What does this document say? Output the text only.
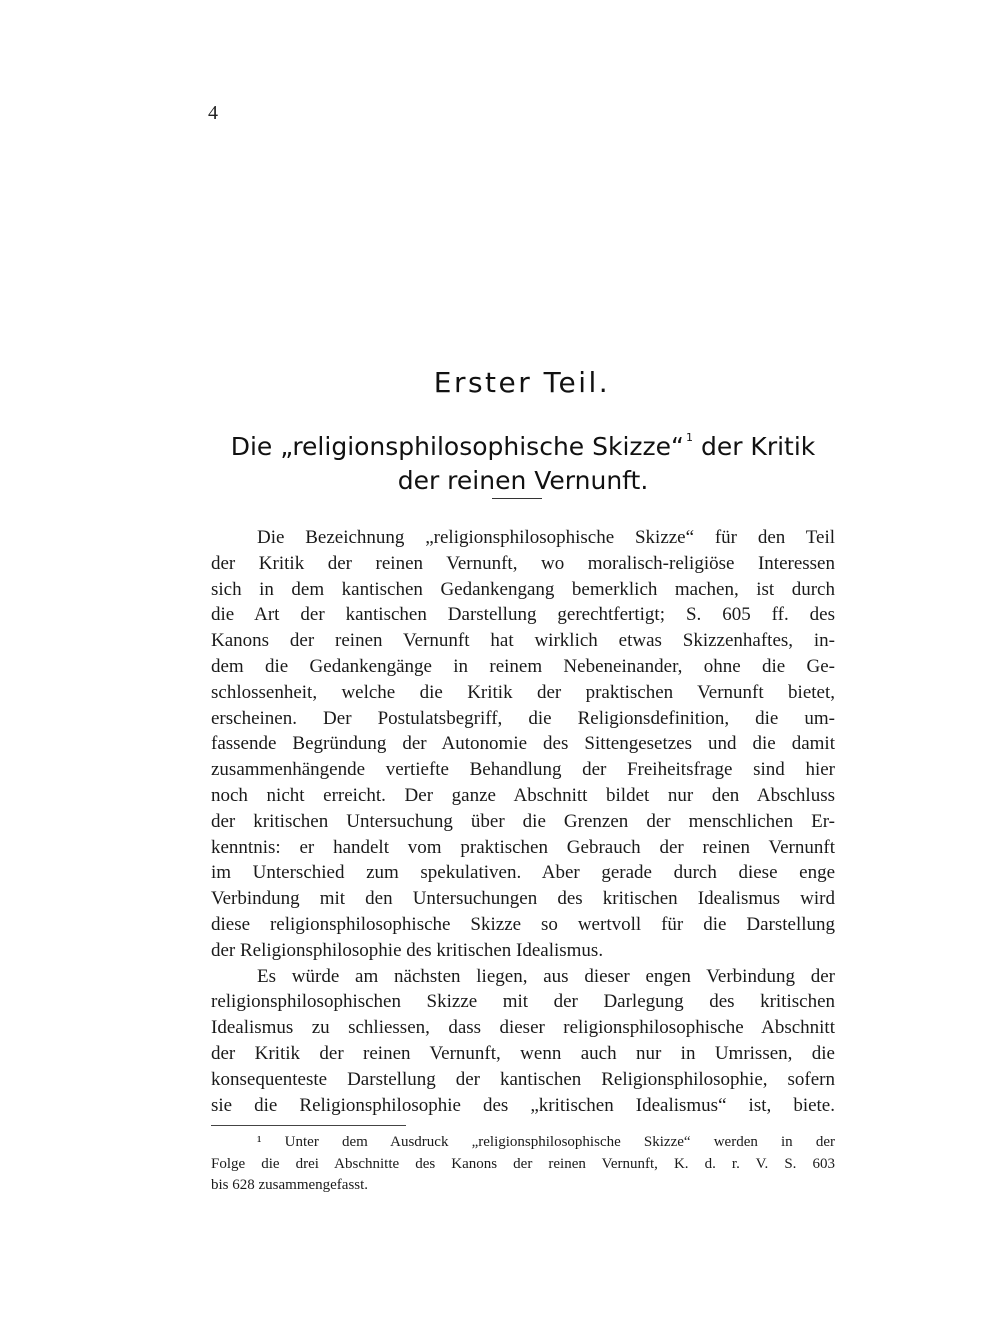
4
Erster Teil.
Die „religionsphilosophische Skizze“ $^1$ der Kritik
der reinen Vernunft.
Die Bezeichnung „religionsphilosophische Skizze“ für den Teil
der Kritik der reinen Vernunft, wo moralisch-religiöse Interessen
sich in dem kantischen Gedankengang bemerklich machen, ist durch
die Art der kantischen Darstellung gerechtfertigt; S. 605 ff. des
Kanons der reinen Vernunft hat wirklich etwas Skizzenhaftes, in-
dem die Gedankengänge in reinem Nebeneinander, ohne die Ge-
schlossenheit, welche die Kritik der praktischen Vernunft bietet,
erscheinen. Der Postulatsbegriff, die Religionsdefinition, die um-
fassende Begründung der Autonomie des Sittengesetzes und die damit
zusammenhängende vertiefte Behandlung der Freiheitsfrage sind hier
noch nicht erreicht. Der ganze Abschnitt bildet nur den Abschluss
der kritischen Untersuchung über die Grenzen der menschlichen Er-
kenntnis: er handelt vom praktischen Gebrauch der reinen Vernunft
im Unterschied zum spekulativen. Aber gerade durch diese enge
Verbindung mit den Untersuchungen des kritischen Idealismus wird
diese religionsphilosophische Skizze so wertvoll für die Darstellung
der Religionsphilosophie des kritischen Idealismus.
Es würde am nächsten liegen, aus dieser engen Verbindung der
religionsphilosophischen Skizze mit der Darlegung des kritischen
Idealismus zu schliessen, dass dieser religionsphilosophische Abschnitt
der Kritik der reinen Vernunft, wenn auch nur in Umrissen, die
konsequenteste Darstellung der kantischen Religionsphilosophie, sofern
sie die Religionsphilosophie des „kritischen Idealismus“ ist, biete.
¹ Unter dem Ausdruck „religionsphilosophische Skizze“ werden in der
Folge die drei Abschnitte des Kanons der reinen Vernunft, K. d. r. V. S. 603
bis 628 zusammengefasst.
